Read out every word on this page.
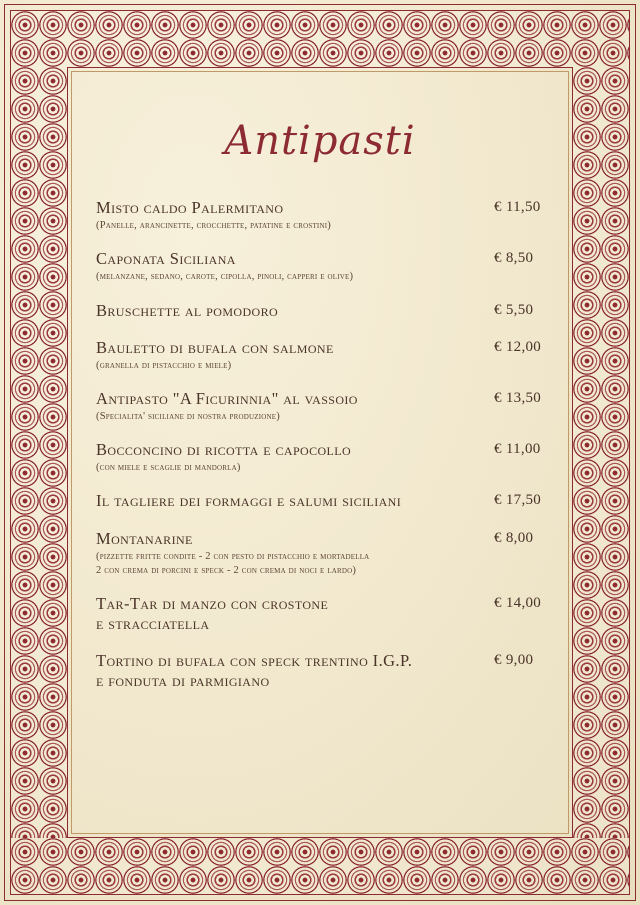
Antipasti
Misto caldo Palermitano
(Panelle, arancinette, crocchette, patatine e crostini)
€ 11,50
Caponata Siciliana
(melanzane, sedano, carote, cipolla, pinoli, capperi e olive)
€ 8,50
Bruschette al pomodoro	€ 5,50
Bauletto di bufala con salmone
(granella di pistacchio e miele)
€ 12,00
Antipasto "A Ficurinnia" al vassoio
(Specialita' siciliane di nostra produzione)
€ 13,50
Bocconcino di ricotta e capocollo
(con miele e scaglie di mandorla)
€ 11,00
Il tagliere dei formaggi e salumi siciliani	€ 17,50
Montanarine
(pizzette fritte condite - 2 con pesto di pistacchio e mortadella
2 con crema di porcini e speck - 2 con crema di noci e lardo)
€ 8,00
Tar-Tar di manzo con crostone
e stracciatella
€ 14,00
Tortino di bufala con speck trentino I.G.P.
e fonduta di parmigiano
€ 9,00
